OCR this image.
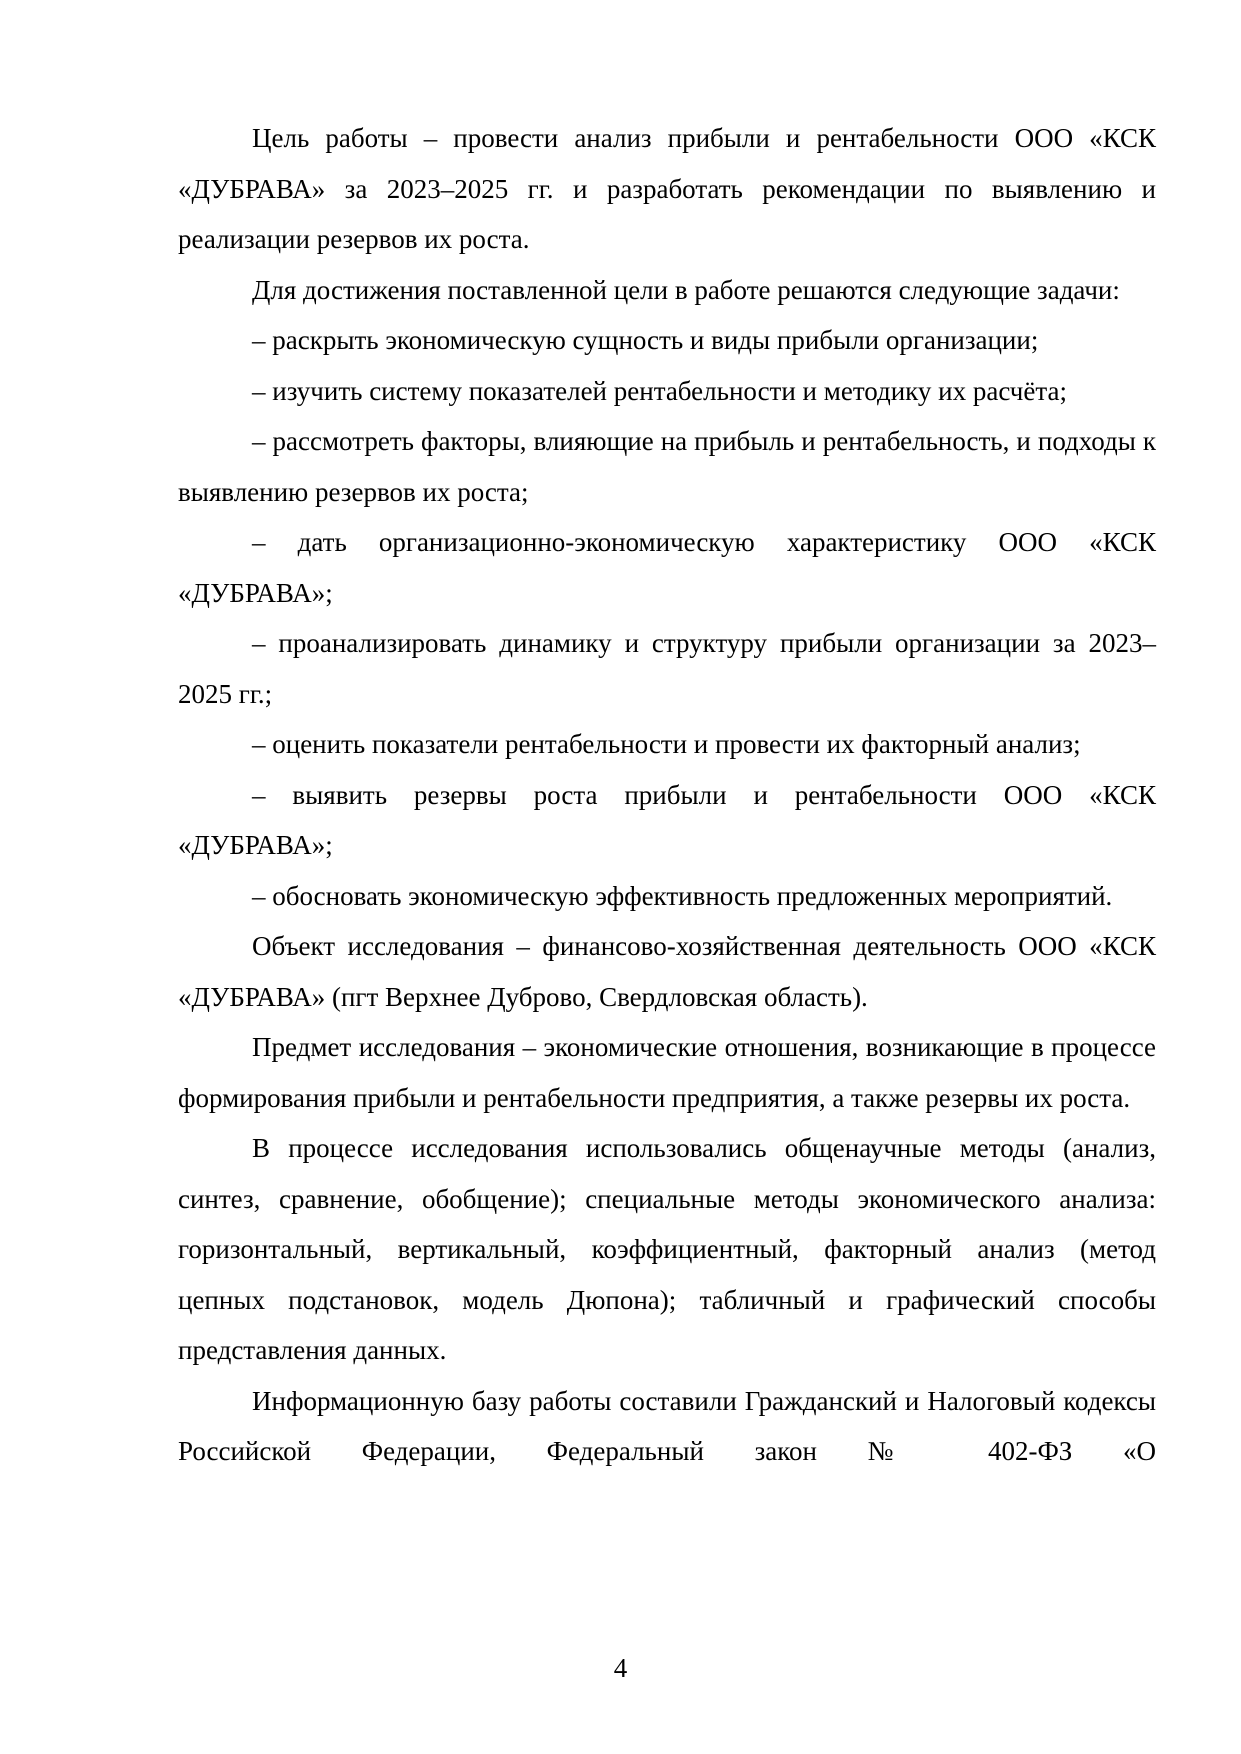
Цель работы – провести анализ прибыли и рентабельности ООО «КСК «ДУБРАВА» за 2023–2025 гг. и разработать рекомендации по выявлению и реализации резервов их роста.

Для достижения поставленной цели в работе решаются следующие задачи:

– раскрыть экономическую сущность и виды прибыли организации;

– изучить систему показателей рентабельности и методику их расчёта;

– рассмотреть факторы, влияющие на прибыль и рентабельность, и подходы к выявлению резервов их роста;

– дать организационно-экономическую характеристику ООО «КСК «ДУБРАВА»;

– проанализировать динамику и структуру прибыли организации за 2023–2025 гг.;

– оценить показатели рентабельности и провести их факторный анализ;

– выявить резервы роста прибыли и рентабельности ООО «КСК «ДУБРАВА»;

– обосновать экономическую эффективность предложенных мероприятий.

Объект исследования – финансово-хозяйственная деятельность ООО «КСК «ДУБРАВА» (пгт Верхнее Дуброво, Свердловская область).

Предмет исследования – экономические отношения, возникающие в процессе формирования прибыли и рентабельности предприятия, а также резервы их роста.

В процессе исследования использовались общенаучные методы (анализ, синтез, сравнение, обобщение); специальные методы экономического анализа: горизонтальный, вертикальный, коэффициентный, факторный анализ (метод цепных подстановок, модель Дюпона); табличный и графический способы представления данных.

Информационную базу работы составили Гражданский и Налоговый кодексы Российской Федерации, Федеральный закон № 402-ФЗ «О

4
